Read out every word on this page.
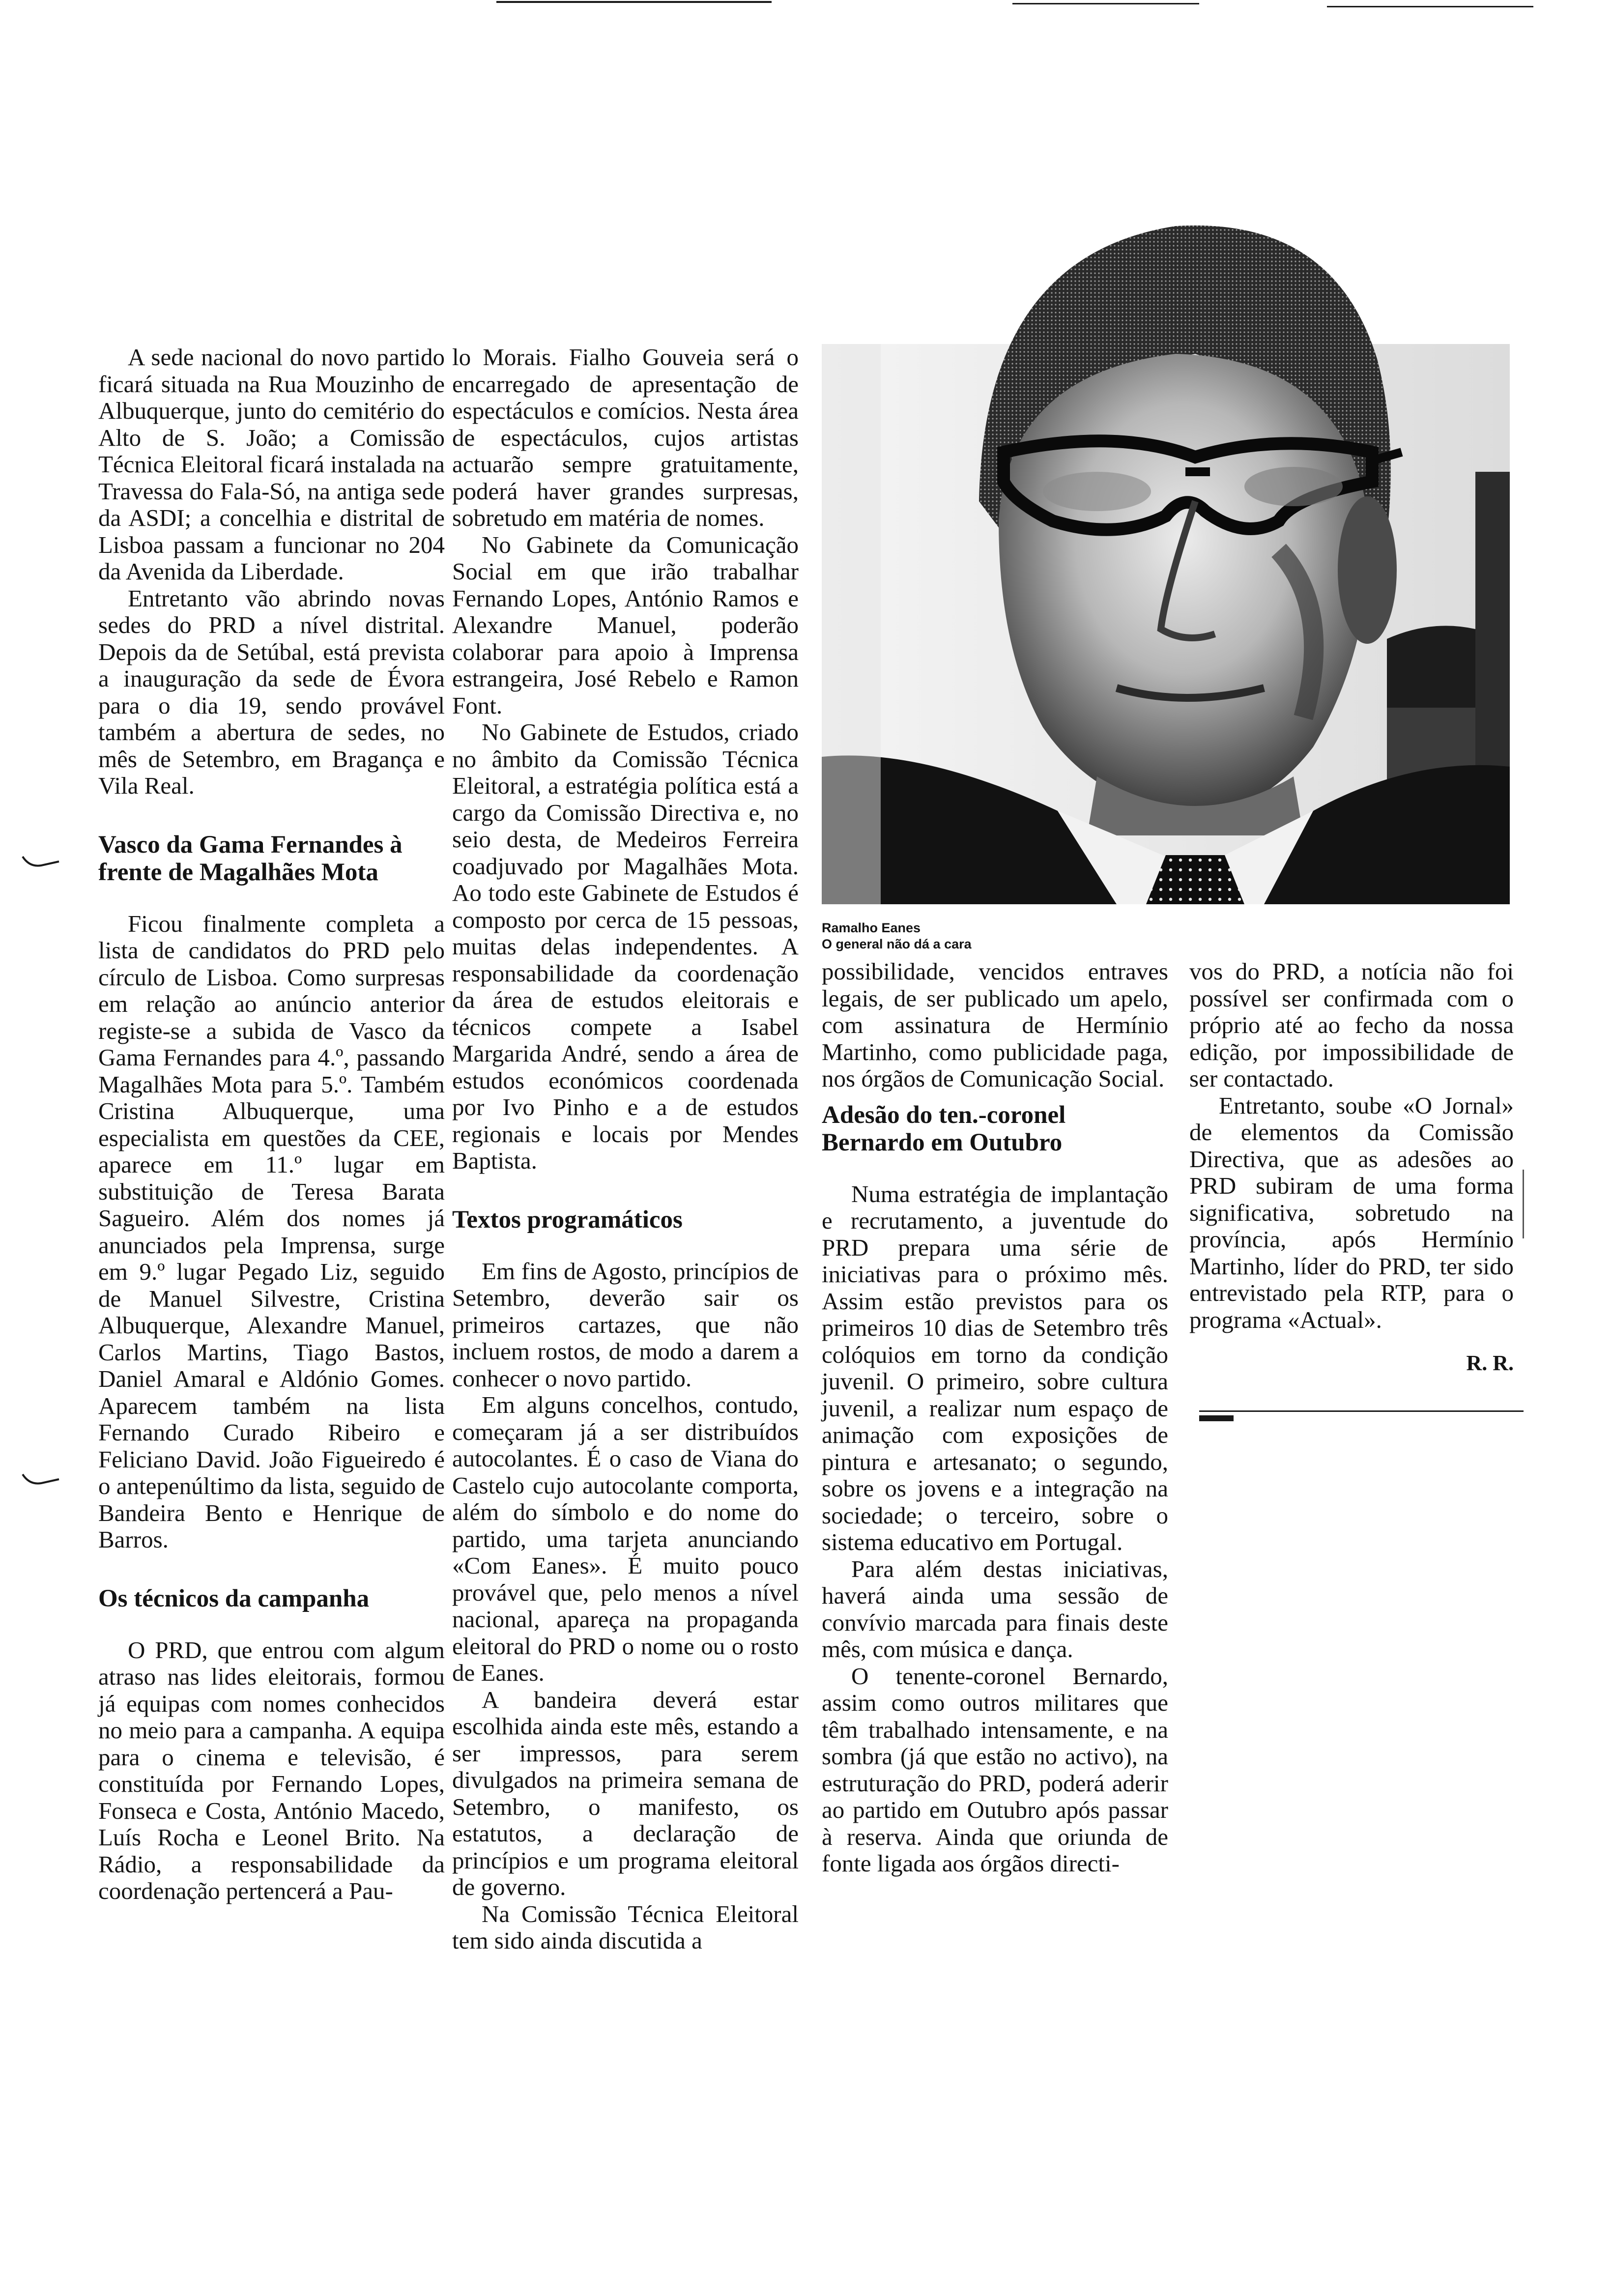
A sede nacional do novo partido ficará situada na Rua Mouzinho de Albuquerque, junto do cemitério do Alto de S. João; a Comissão Técnica Eleitoral ficará instalada na Travessa do Fala-Só, na antiga sede da ASDI; a concelhia e distrital de Lisboa passam a funcionar no 204 da Avenida da Liberdade.

Entretanto vão abrindo novas sedes do PRD a nível distrital. Depois da de Setúbal, está prevista a inauguração da sede de Évora para o dia 19, sendo provável também a abertura de sedes, no mês de Setembro, em Bragança e Vila Real.

Vasco da Gama Fernandes à frente de Magalhães Mota

Ficou finalmente completa a lista de candidatos do PRD pelo círculo de Lisboa. Como surpresas em relação ao anúncio anterior registe-se a subida de Vasco da Gama Fernandes para 4.º, passando Magalhães Mota para 5.º. Também Cristina Albuquerque, uma especialista em questões da CEE, aparece em 11.º lugar em substituição de Teresa Barata Sagueiro. Além dos nomes já anunciados pela Imprensa, surge em 9.º lugar Pegado Liz, seguido de Manuel Silvestre, Cristina Albuquerque, Alexandre Manuel, Carlos Martins, Tiago Bastos, Daniel Amaral e Aldónio Gomes. Aparecem também na lista Fernando Curado Ribeiro e Feliciano David. João Figueiredo é o antepenúltimo da lista, seguido de Bandeira Bento e Henrique de Barros.

Os técnicos da campanha

O PRD, que entrou com algum atraso nas lides eleitorais, formou já equipas com nomes conhecidos no meio para a campanha. A equipa para o cinema e televisão, é constituída por Fernando Lopes, Fonseca e Costa, António Macedo, Luís Rocha e Leonel Brito. Na Rádio, a responsabilidade da coordenação pertencerá a Pau-

lo Morais. Fialho Gouveia será o encarregado de apresentação de espectáculos e comícios. Nesta área de espectáculos, cujos artistas actuarão sempre gratuitamente, poderá haver grandes surpresas, sobretudo em matéria de nomes.

No Gabinete da Comunicação Social em que irão trabalhar Fernando Lopes, António Ramos e Alexandre Manuel, poderão colaborar para apoio à Imprensa estrangeira, José Rebelo e Ramon Font.

No Gabinete de Estudos, criado no âmbito da Comissão Técnica Eleitoral, a estratégia política está a cargo da Comissão Directiva e, no seio desta, de Medeiros Ferreira coadjuvado por Magalhães Mota. Ao todo este Gabinete de Estudos é composto por cerca de 15 pessoas, muitas delas independentes. A responsabilidade da coordenação da área de estudos eleitorais e técnicos compete a Isabel Margarida André, sendo a área de estudos económicos coordenada por Ivo Pinho e a de estudos regionais e locais por Mendes Baptista.

Textos programáticos

Em fins de Agosto, princípios de Setembro, deverão sair os primeiros cartazes, que não incluem rostos, de modo a darem a conhecer o novo partido.

Em alguns concelhos, contudo, começaram já a ser distribuídos autocolantes. É o caso de Viana do Castelo cujo autocolante comporta, além do símbolo e do nome do partido, uma tarjeta anunciando «Com Eanes». É muito pouco provável que, pelo menos a nível nacional, apareça na propaganda eleitoral do PRD o nome ou o rosto de Eanes.

A bandeira deverá estar escolhida ainda este mês, estando a ser impressos, para serem divulgados na primeira semana de Setembro, o manifesto, os estatutos, a declaração de princípios e um programa eleitoral de governo.

Na Comissão Técnica Eleitoral tem sido ainda discutida a

Ramalho Eanes
O general não dá a cara

possibilidade, vencidos entraves legais, de ser publicado um apelo, com assinatura de Hermínio Martinho, como publicidade paga, nos órgãos de Comunicação Social.

Adesão do ten.-coronel Bernardo em Outubro

Numa estratégia de implantação e recrutamento, a juventude do PRD prepara uma série de iniciativas para o próximo mês. Assim estão previstos para os primeiros 10 dias de Setembro três colóquios em torno da condição juvenil. O primeiro, sobre cultura juvenil, a realizar num espaço de animação com exposições de pintura e artesanato; o segundo, sobre os jovens e a integração na sociedade; o terceiro, sobre o sistema educativo em Portugal.

Para além destas iniciativas, haverá ainda uma sessão de convívio marcada para finais deste mês, com música e dança.

O tenente-coronel Bernardo, assim como outros militares que têm trabalhado intensamente, e na sombra (já que estão no activo), na estruturação do PRD, poderá aderir ao partido em Outubro após passar à reserva. Ainda que oriunda de fonte ligada aos órgãos directi-

vos do PRD, a notícia não foi possível ser confirmada com o próprio até ao fecho da nossa edição, por impossibilidade de ser contactado.

Entretanto, soube «O Jornal» de elementos da Comissão Directiva, que as adesões ao PRD subiram de uma forma significativa, sobretudo na província, após Hermínio Martinho, líder do PRD, ter sido entrevistado pela RTP, para o programa «Actual».

R. R.
